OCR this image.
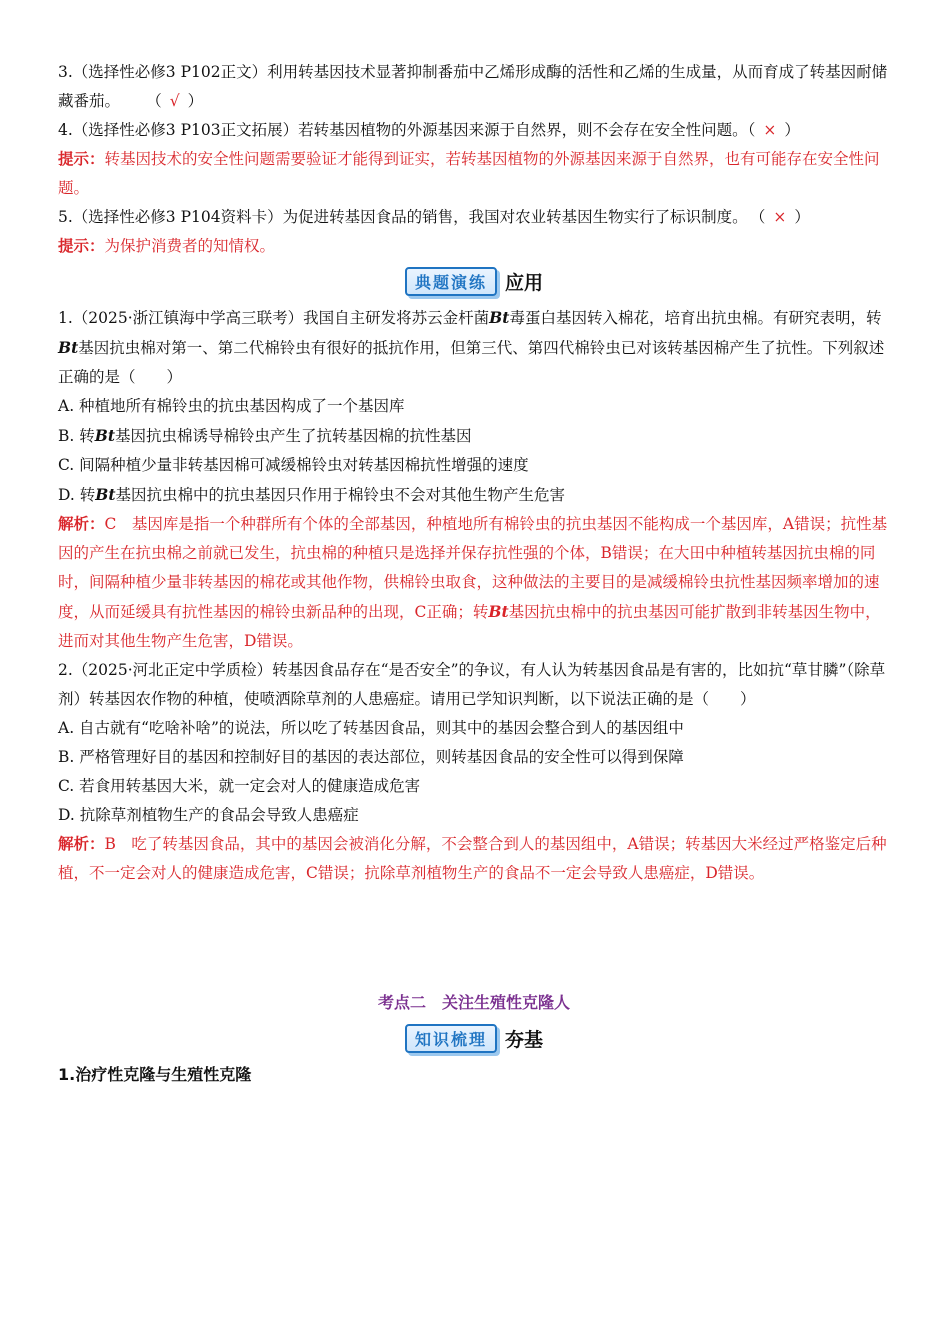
3.（选择性必修3 P102正文）利用转基因技术显著抑制番茄中乙烯形成酶的活性和乙烯的生成量，从而育成了转基因耐储藏番茄。 （ √ ）

4.（选择性必修3 P103正文拓展）若转基因植物的外源基因来源于自然界，则不会存在安全性问题。（ × ）

提示：转基因技术的安全性问题需要验证才能得到证实，若转基因植物的外源基因来源于自然界，也有可能存在安全性问题。

5.（选择性必修3 P104资料卡）为促进转基因食品的销售，我国对农业转基因生物实行了标识制度。 （ × ）

提示：为保护消费者的知情权。

典题演练 应用

1.（2025·浙江镇海中学高三联考）我国自主研发将苏云金杆菌Bt毒蛋白基因转入棉花，培育出抗虫棉。有研究表明，转Bt基因抗虫棉对第一、第二代棉铃虫有很好的抵抗作用，但第三代、第四代棉铃虫已对该转基因棉产生了抗性。下列叙述正确的是（　　）

A. 种植地所有棉铃虫的抗虫基因构成了一个基因库

B. 转Bt基因抗虫棉诱导棉铃虫产生了抗转基因棉的抗性基因

C. 间隔种植少量非转基因棉可减缓棉铃虫对转基因棉抗性增强的速度

D. 转Bt基因抗虫棉中的抗虫基因只作用于棉铃虫不会对其他生物产生危害

解析：C　基因库是指一个种群所有个体的全部基因，种植地所有棉铃虫的抗虫基因不能构成一个基因库，A错误；抗性基因的产生在抗虫棉之前就已发生，抗虫棉的种植只是选择并保存抗性强的个体，B错误；在大田中种植转基因抗虫棉的同时，间隔种植少量非转基因的棉花或其他作物，供棉铃虫取食，这种做法的主要目的是减缓棉铃虫抗性基因频率增加的速度，从而延缓具有抗性基因的棉铃虫新品种的出现，C正确；转Bt基因抗虫棉中的抗虫基因可能扩散到非转基因生物中，进而对其他生物产生危害，D错误。

2.（2025·河北正定中学质检）转基因食品存在“是否安全”的争议，有人认为转基因食品是有害的，比如抗“草甘膦”（除草剂）转基因农作物的种植，使喷洒除草剂的人患癌症。请用已学知识判断，以下说法正确的是（　　）

A. 自古就有“吃啥补啥”的说法，所以吃了转基因食品，则其中的基因会整合到人的基因组中

B. 严格管理好目的基因和控制好目的基因的表达部位，则转基因食品的安全性可以得到保障

C. 若食用转基因大米，就一定会对人的健康造成危害

D. 抗除草剂植物生产的食品会导致人患癌症

解析：B　吃了转基因食品，其中的基因会被消化分解，不会整合到人的基因组中，A错误；转基因大米经过严格鉴定后种植，不一定会对人的健康造成危害，C错误；抗除草剂植物生产的食品不一定会导致人患癌症，D错误。

考点二　关注生殖性克隆人
知识梳理 夯基

1.治疗性克隆与生殖性克隆
